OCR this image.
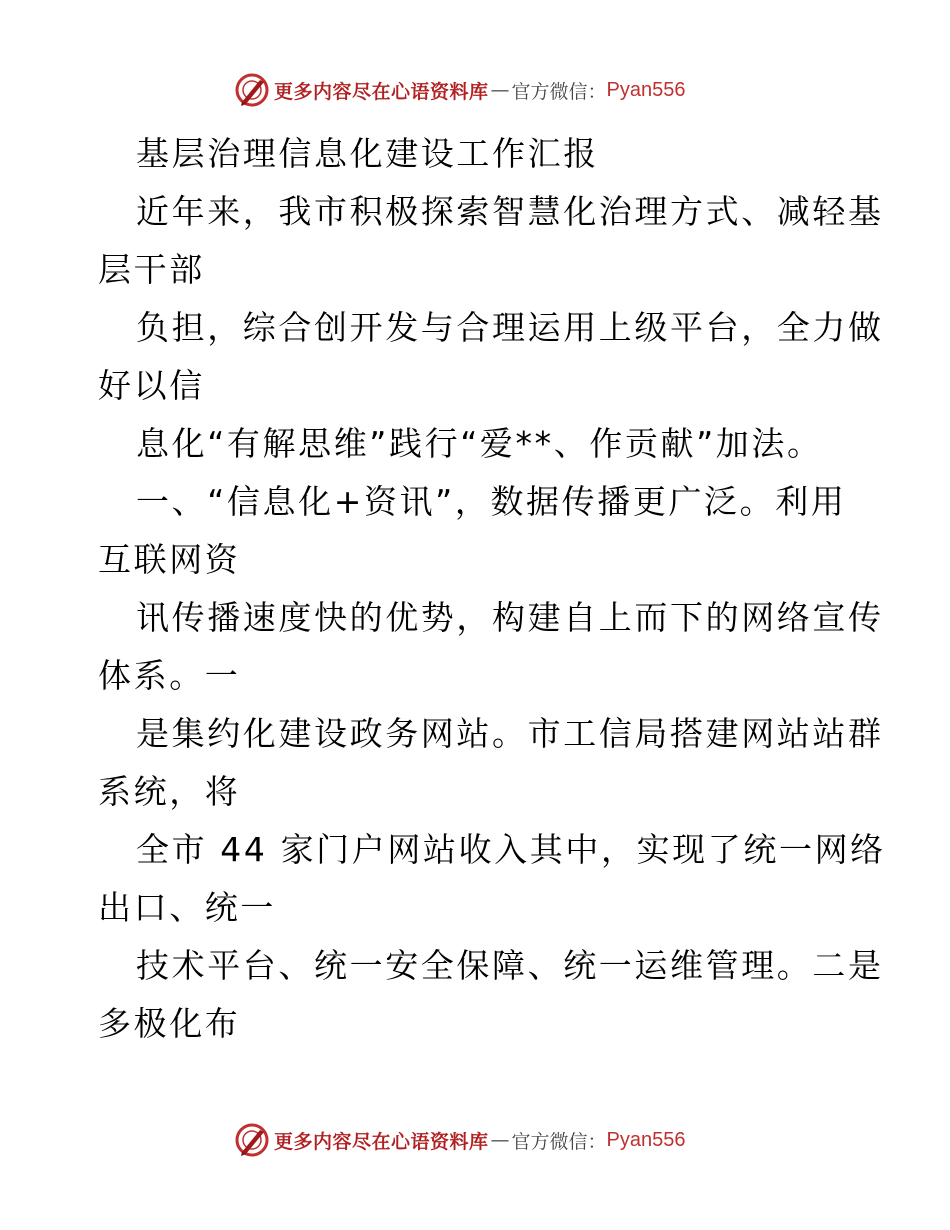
更多内容尽在心语资料库 — 官方微信： Pyan556
基层治理信息化建设工作汇报
近年来，我市积极探索智慧化治理方式、减轻基
层干部
负担，综合创开发与合理运用上级平台，全力做
好以信
息化“有解思维”践行“爱**、作贡献”加法。
一、“信息化+资讯”，数据传播更广泛。利用
互联网资
讯传播速度快的优势，构建自上而下的网络宣传
体系。一
是集约化建设政务网站。市工信局搭建网站站群
系统，将
全市 44 家门户网站收入其中，实现了统一网络
出口、统一
技术平台、统一安全保障、统一运维管理。二是
多极化布
更多内容尽在心语资料库 — 官方微信： Pyan556
